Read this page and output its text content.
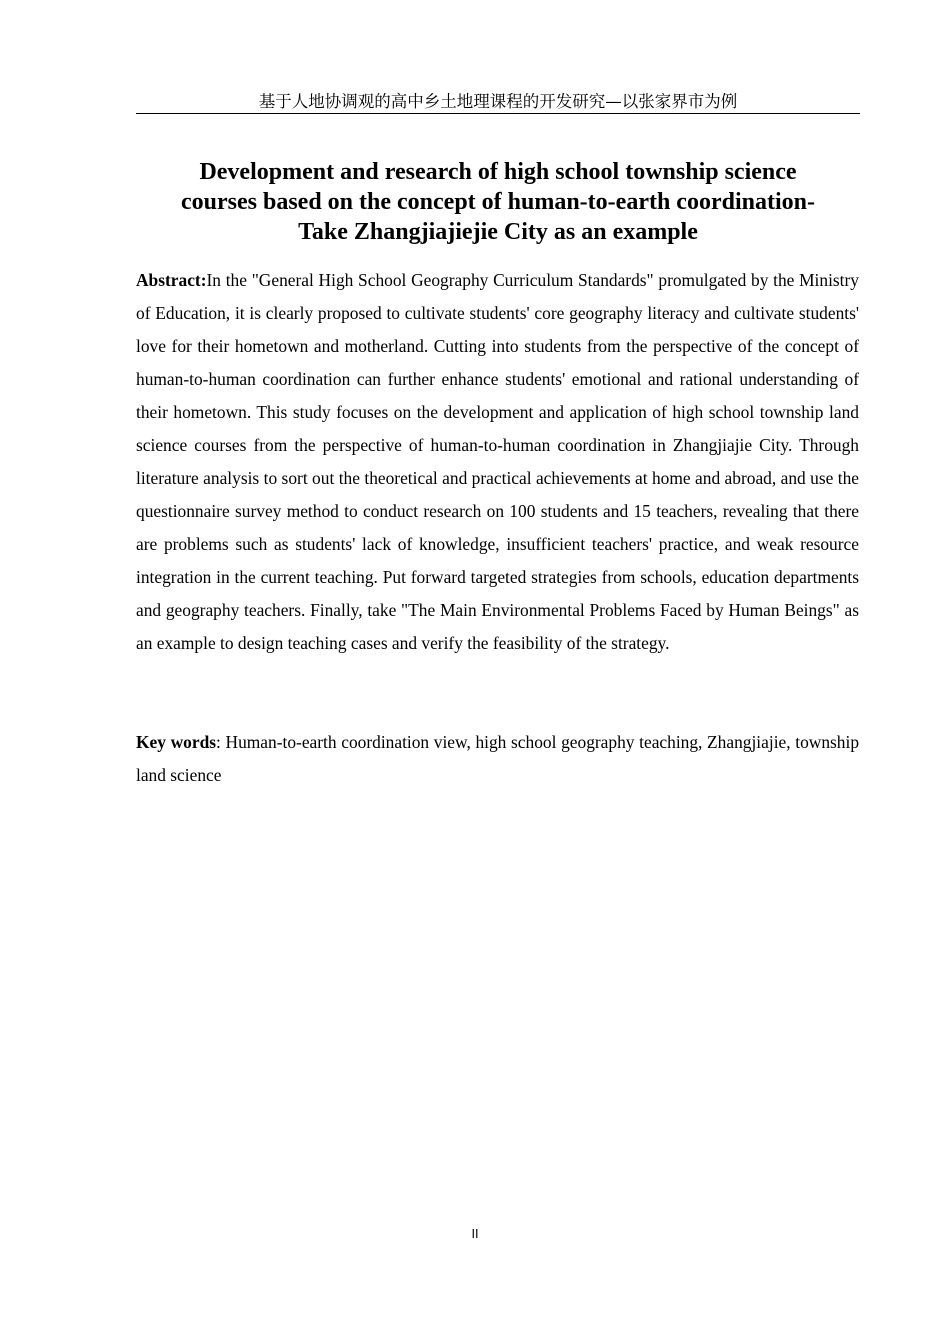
基于人地协调观的高中乡土地理课程的开发研究—以张家界市为例
Development and research of high school township science
courses based on the concept of human-to-earth coordination-
Take Zhangjiajiejie City as an example

Abstract:In the "General High School Geography Curriculum Standards" promulgated by the Ministry of Education, it is clearly proposed to cultivate students' core geography literacy and cultivate students' love for their hometown and motherland. Cutting into students from the perspective of the concept of human-to-human coordination can further enhance students' emotional and rational understanding of their hometown. This study focuses on the development and application of high school township land science courses from the perspective of human-to-human coordination in Zhangjiajie City. Through literature analysis to sort out the theoretical and practical achievements at home and abroad, and use the questionnaire survey method to conduct research on 100 students and 15 teachers, revealing that there are problems such as students' lack of knowledge, insufficient teachers' practice, and weak resource integration in the current teaching. Put forward targeted strategies from schools, education departments and geography teachers. Finally, take "The Main Environmental Problems Faced by Human Beings" as an example to design teaching cases and verify the feasibility of the strategy.

Key words: Human-to-earth coordination view, high school geography teaching, Zhangjiajie, township land science

II
